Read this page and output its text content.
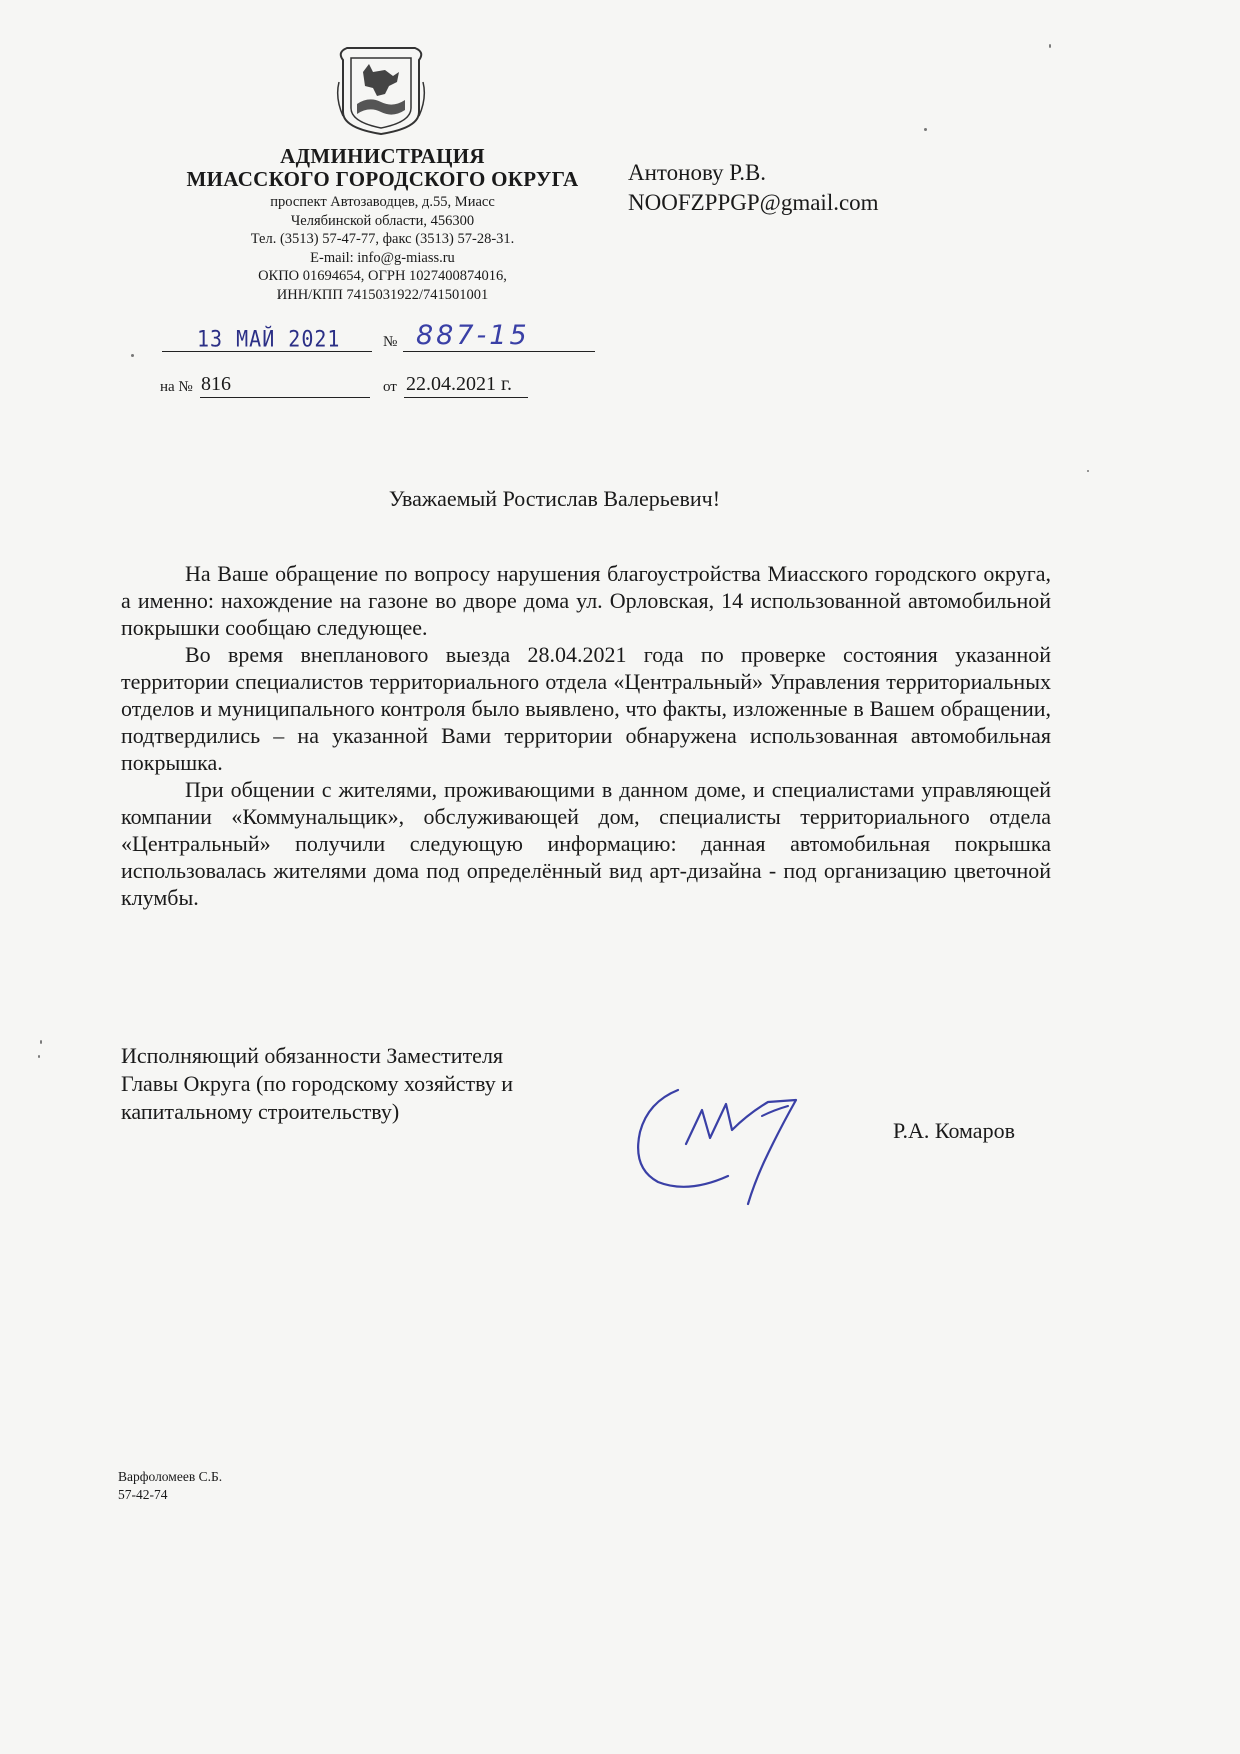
АДМИНИСТРАЦИЯ
МИАССКОГО ГОРОДСКОГО ОКРУГА
проспект Автозаводцев, д.55, Миасс
Челябинской области, 456300
Тел. (3513) 57-47-77, факс (3513) 57-28-31.
E-mail: info@g-miass.ru
ОКПО 01694654, ОГРН 1027400874016,
ИНН/КПП 7415031922/741501001
Антонову Р.В.
NOOFZPPGP@gmail.com
13 МАЙ 2021	№ 887-15
на № 816	от 22.04.2021 г.
Уважаемый Ростислав Валерьевич!

На Ваше обращение по вопросу нарушения благоустройства Миасского городского округа, а именно: нахождение на газоне во дворе дома ул. Орловская, 14 использованной автомобильной покрышки сообщаю следующее.

Во время внепланового выезда 28.04.2021 года по проверке состояния указанной территории специалистов территориального отдела «Центральный» Управления территориальных отделов и муниципального контроля было выявлено, что факты, изложенные в Вашем обращении, подтвердились – на указанной Вами территории обнаружена использованная автомобильная покрышка.

При общении с жителями, проживающими в данном доме, и специалистами управляющей компании «Коммунальщик», обслуживающей дом, специалисты территориального отдела «Центральный» получили следующую информацию: данная автомобильная покрышка использовалась жителями дома под определённый вид арт-дизайна - под организацию цветочной клумбы.

Исполняющий обязанности Заместителя
Главы Округа (по городскому хозяйству и
капитальному строительству)
Р.А. Комаров
Варфоломеев С.Б.
57-42-74
